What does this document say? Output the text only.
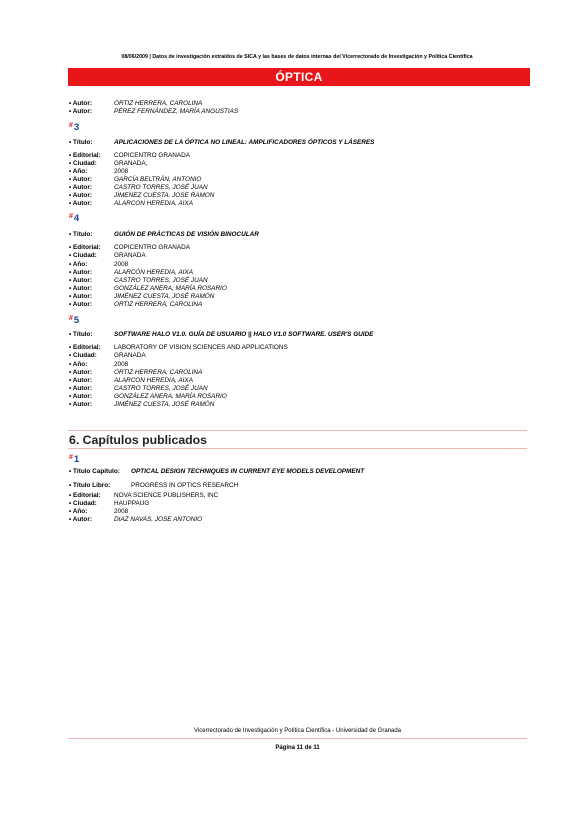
08/06/2009 | Datos de investigación extraídos de SICA y las bases de datos internas del Vicerrectorado de Investigación y Política Científica
ÓPTICA
• Autor:	ORTIZ HERRERA, CAROLINA
• Autor:	PÉREZ FERNÁNDEZ, MARÍA ANGUSTIAS
#3
• Título:	APLICACIONES DE LA ÓPTICA NO LINEAL: AMPLIFICADORES ÓPTICOS Y LÁSERES
• Editorial: COPICENTRO GRANADA
• Ciudad:	GRANADA,
• Año:	2008
• Autor:	GARCÍA BELTRÁN, ANTONIO
• Autor:	CASTRO TORRES, JOSÉ JUAN
• Autor:	JIMENEZ CUESTA, JOSE RAMON
• Autor:	ALARCON HEREDIA, AIXA
#4
• Título:	GUIÓN DE PRÁCTICAS DE VISIÓN BINOCULAR
• Editorial: COPICENTRO GRANADA
• Ciudad:	GRANADA
• Año:	2008
• Autor:	ALARCÓN HEREDIA, AIXA
• Autor:	CASTRO TORRES, JOSÉ JUAN
• Autor:	GONZÁLEZ ANERA, MARÍA ROSARIO
• Autor:	JIMÉNEZ CUESTA, JOSÉ RAMÓN
• Autor:	ORTIZ HERRERA, CAROLINA
#5
• Título:	SOFTWARE HALO V1.0. GUÍA DE USUARIO || HALO V1.0 SOFTWARE. USER'S GUIDE
• Editorial: LABORATORY OF VISION SCIENCES AND APPLICATIONS
• Ciudad:	GRANADA
• Año:	2008
• Autor:	ORTIZ HERRERA, CAROLINA
• Autor:	ALARCON HEREDIA, AIXA
• Autor:	CASTRO TORRES, JOSÉ JUAN
• Autor:	GONZÁLEZ ANERA, MARÍA ROSARIO
• Autor:	JIMÉNEZ CUESTA, JOSÉ RAMÓN
6. Capítulos publicados
#1
• Título Capítulo: OPTICAL DESIGN TECHNIQUES IN CURRENT EYE MODELS DEVELOPMENT
• Título Libro:	PROGRESS IN OPTICS RESEARCH
• Editorial: NOVA SCIENCE PUBLISHERS, INC
• Ciudad:	HAUPPAUG
• Año:	2008
• Autor:	DIAZ NAVAS, JOSE ANTONIO
Vicerrectorado de Investigación y Política Científica - Universidad de Granada
Página 11 de 11
